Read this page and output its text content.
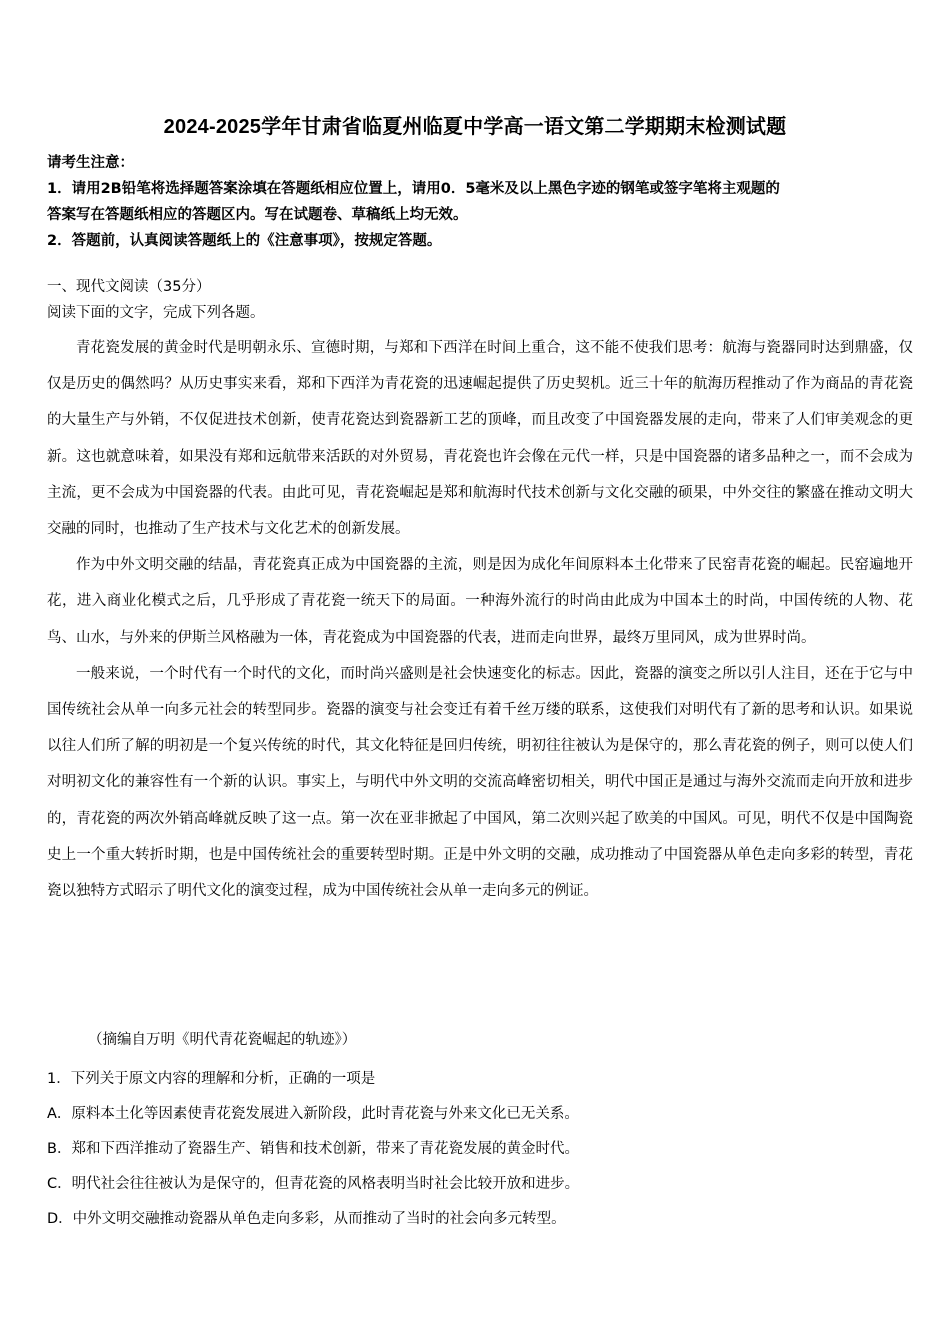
2024-2025学年甘肃省临夏州临夏中学高一语文第二学期期末检测试题
请考生注意：
1．请用2B铅笔将选择题答案涂填在答题纸相应位置上，请用0．5毫米及以上黑色字迹的钢笔或签字笔将主观题的
答案写在答题纸相应的答题区内。写在试题卷、草稿纸上均无效。
2．答题前，认真阅读答题纸上的《注意事项》，按规定答题。
一、现代文阅读（35分）
阅读下面的文字，完成下列各题。

青花瓷发展的黄金时代是明朝永乐、宣德时期，与郑和下西洋在时间上重合，这不能不使我们思考：航海与瓷器同时达到鼎盛，仅仅是历史的偶然吗？从历史事实来看，郑和下西洋为青花瓷的迅速崛起提供了历史契机。近三十年的航海历程推动了作为商品的青花瓷的大量生产与外销，不仅促进技术创新，使青花瓷达到瓷器新工艺的顶峰，而且改变了中国瓷器发展的走向，带来了人们审美观念的更新。这也就意味着，如果没有郑和远航带来活跃的对外贸易，青花瓷也许会像在元代一样，只是中国瓷器的诸多品种之一，而不会成为主流，更不会成为中国瓷器的代表。由此可见，青花瓷崛起是郑和航海时代技术创新与文化交融的硕果，中外交往的繁盛在推动文明大交融的同时，也推动了生产技术与文化艺术的创新发展。

作为中外文明交融的结晶，青花瓷真正成为中国瓷器的主流，则是因为成化年间原料本土化带来了民窑青花瓷的崛起。民窑遍地开花，进入商业化模式之后，几乎形成了青花瓷一统天下的局面。一种海外流行的时尚由此成为中国本土的时尚，中国传统的人物、花鸟、山水，与外来的伊斯兰风格融为一体，青花瓷成为中国瓷器的代表，进而走向世界，最终万里同风，成为世界时尚。

一般来说，一个时代有一个时代的文化，而时尚兴盛则是社会快速变化的标志。因此，瓷器的演变之所以引人注目，还在于它与中国传统社会从单一向多元社会的转型同步。瓷器的演变与社会变迁有着千丝万缕的联系，这使我们对明代有了新的思考和认识。如果说以往人们所了解的明初是一个复兴传统的时代，其文化特征是回归传统，明初往往被认为是保守的，那么青花瓷的例子，则可以使人们对明初文化的兼容性有一个新的认识。事实上，与明代中外文明的交流高峰密切相关，明代中国正是通过与海外交流而走向开放和进步的，青花瓷的两次外销高峰就反映了这一点。第一次在亚非掀起了中国风，第二次则兴起了欧美的中国风。可见，明代不仅是中国陶瓷史上一个重大转折时期，也是中国传统社会的重要转型时期。正是中外文明的交融，成功推动了中国瓷器从单色走向多彩的转型，青花瓷以独特方式昭示了明代文化的演变过程，成为中国传统社会从单一走向多元的例证。

（摘编自万明《明代青花瓷崛起的轨迹》）
1．下列关于原文内容的理解和分析，正确的一项是
A．原料本土化等因素使青花瓷发展进入新阶段，此时青花瓷与外来文化已无关系。
B．郑和下西洋推动了瓷器生产、销售和技术创新，带来了青花瓷发展的黄金时代。
C．明代社会往往被认为是保守的，但青花瓷的风格表明当时社会比较开放和进步。
D．中外文明交融推动瓷器从单色走向多彩，从而推动了当时的社会向多元转型。
